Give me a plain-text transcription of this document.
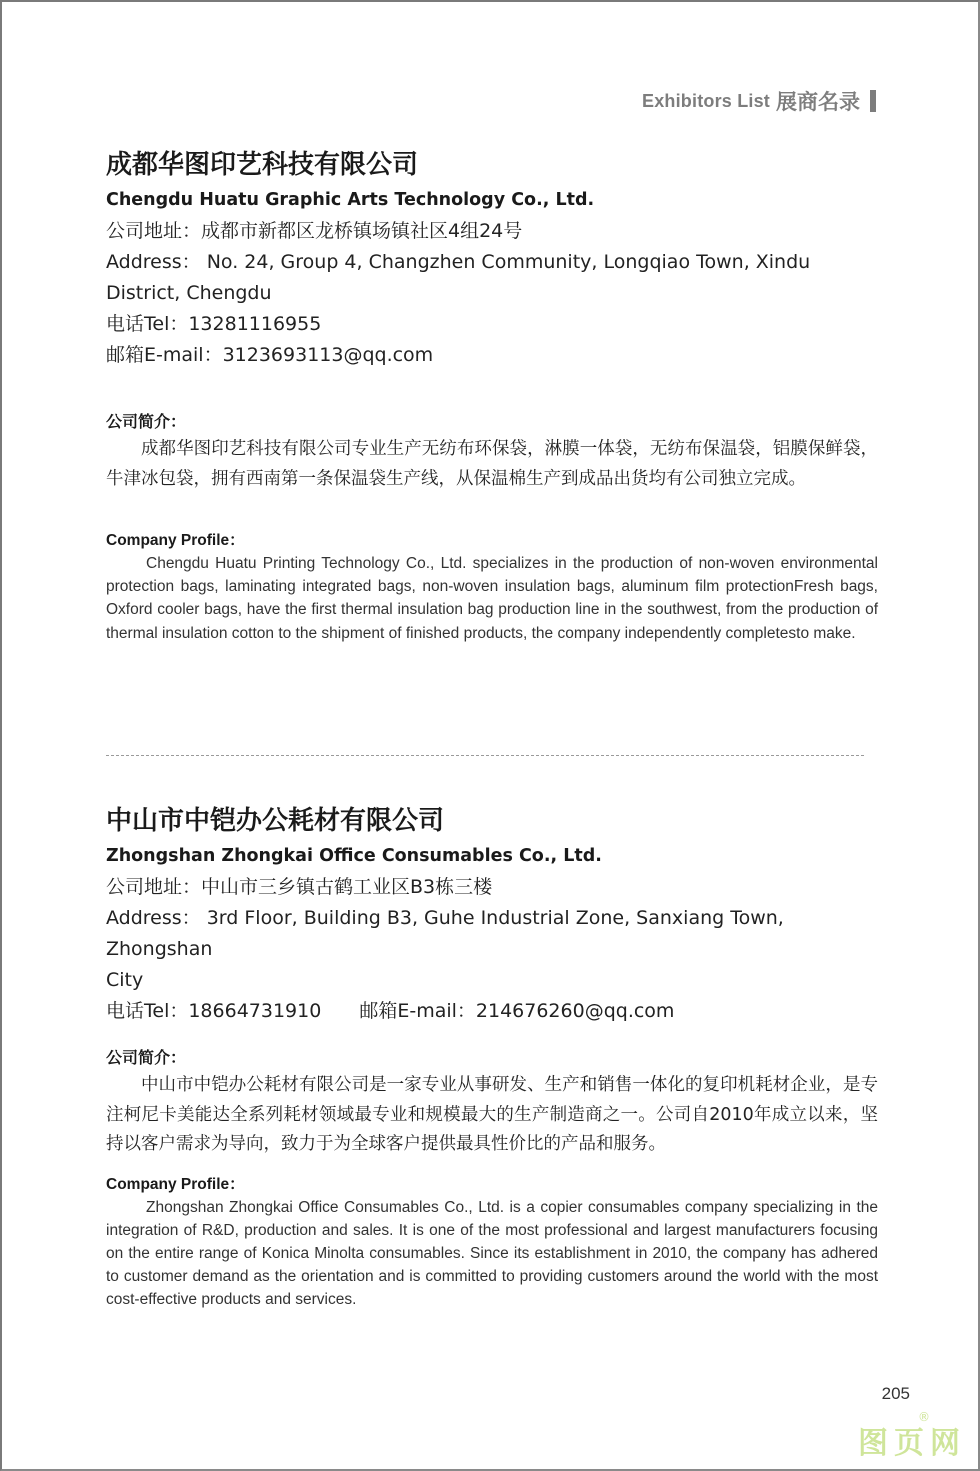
Exhibitors List 展商名录
成都华图印艺科技有限公司
Chengdu Huatu Graphic Arts Technology Co., Ltd.

公司地址：成都市新都区龙桥镇场镇社区4组24号

Address： No. 24, Group 4, Changzhen Community, Longqiao Town, Xindu
District, Chengdu

电话Tel：13281116955

邮箱E-mail：3123693113@qq.com

公司简介：

成都华图印艺科技有限公司专业生产无纺布环保袋，淋膜一体袋，无纺布保温袋，铝膜保鲜袋，牛津冰包袋，拥有西南第一条保温袋生产线，从保温棉生产到成品出货均有公司独立完成。

Company Profile：

Chengdu Huatu Printing Technology Co., Ltd. specializes in the production of non-woven environmental protection bags, laminating integrated bags, non-woven insulation bags, aluminum film protectionFresh bags, Oxford cooler bags, have the first thermal insulation bag production line in the southwest, from the production of thermal insulation cotton to the shipment of finished products, the company independently completesto make.

中山市中铠办公耗材有限公司
Zhongshan Zhongkai Office Consumables Co., Ltd.

公司地址：中山市三乡镇古鹤工业区B3栋三楼

Address： 3rd Floor, Building B3, Guhe Industrial Zone, Sanxiang Town, Zhongshan
City

电话Tel：18664731910 邮箱E-mail：214676260@qq.com

公司简介：

中山市中铠办公耗材有限公司是一家专业从事研发、生产和销售一体化的复印机耗材企业，是专注柯尼卡美能达全系列耗材领域最专业和规模最大的生产制造商之一。公司自2010年成立以来，坚持以客户需求为导向，致力于为全球客户提供最具性价比的产品和服务。

Company Profile：

Zhongshan Zhongkai Office Consumables Co., Ltd. is a copier consumables company specializing in the integration of R&D, production and sales. It is one of the most professional and largest manufacturers focusing on the entire range of Konica Minolta consumables. Since its establishment in 2010, the company has adhered to customer demand as the orientation and is committed to providing customers around the world with the most cost-effective products and services.

205
图页网
®
